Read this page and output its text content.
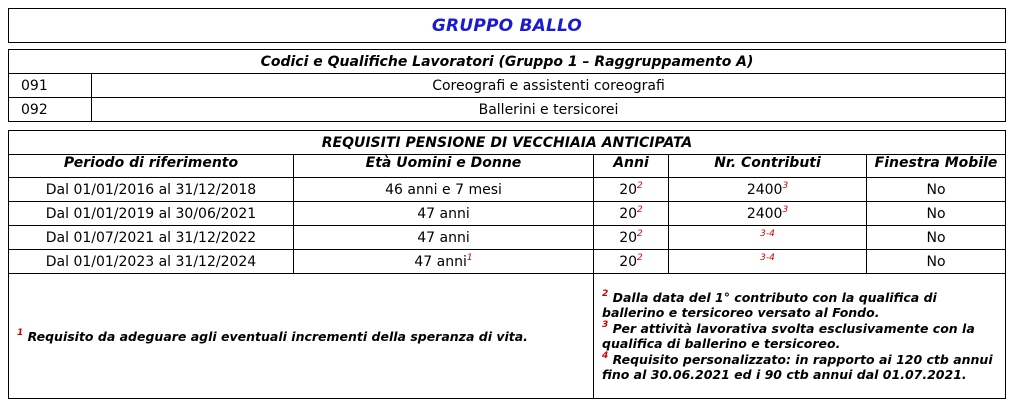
GRUPPO BALLO
Codici e Qualifiche Lavoratori (Gruppo 1 – Raggruppamento A)	
091	Coreografi e assistenti coreografi
092	Ballerini e tersicorei
REQUISITI PENSIONE DI VECCHIAIA ANTICIPATA				

Periodo di riferimento	Età Uomini e Donne	Anni	Nr. Contributi	Finestra Mobile

Dal 01/01/2016 al 31/12/2018	46 anni e 7 mesi	$20^2$	2400$^3$	No
Dal 01/01/2019 al 30/06/2021	47 anni	$20^2$	2400$^3$	No
Dal 01/07/2021 al 31/12/2022	47 anni	$20^2$	$^{3-4}$	No
Dal 01/01/2023 al 31/12/2024	47 anni$^1$	$20^2$	$^{3-4}$	No
$^1$ Requisito da adeguare agli eventuali incrementi della speranza di vita.		$^2$ Dalla data del 1° contributo con la qualifica di ballerino e tersicoreo versato al Fondo.

$^3$ Per attività lavorativa svolta esclusivamente con la qualifica di ballerino e tersicoreo.

$^4$ Requisito personalizzato: in rapporto ai 120 ctb annui fino al 30.06.2021 ed i 90 ctb annui dal 01.07.2021.		
